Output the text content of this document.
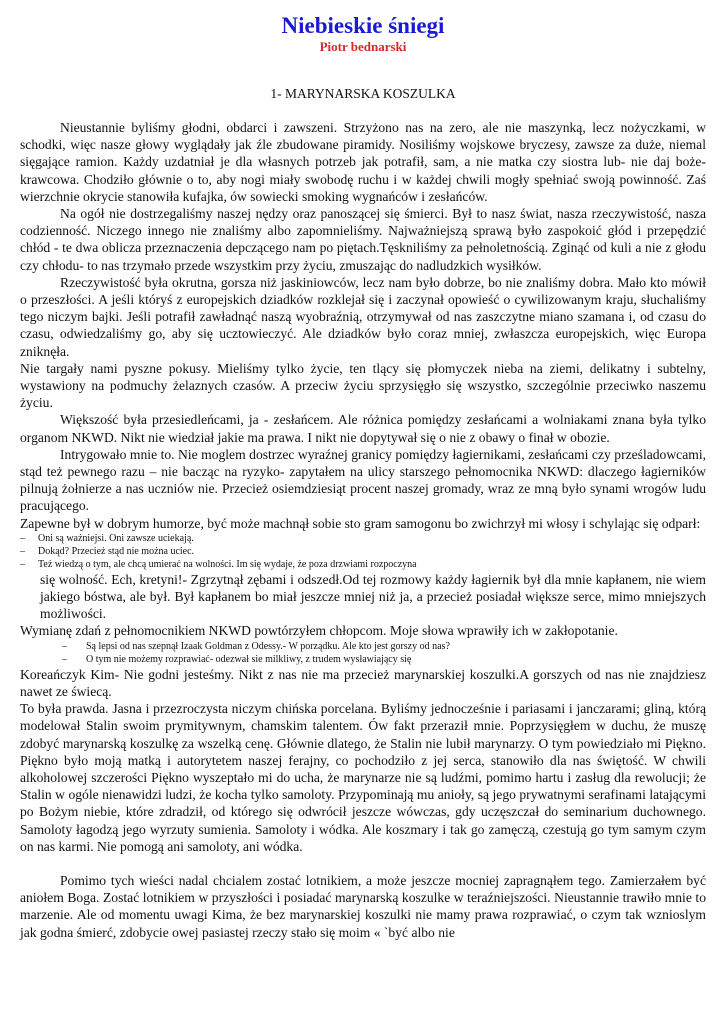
Niebieskie śniegi
Piotr bednarski
1- MARYNARSKA KOSZULKA

Nieustannie byliśmy głodni, obdarci i zawszeni. Strzyżono nas na zero, ale nie maszynką, lecz nożyczkami, w schodki, więc nasze głowy wyglądały jak źle zbudowane piramidy. Nosiliśmy wojskowe bryczesy, zawsze za duże, niemal sięgające ramion. Każdy uzdatniał je dla własnych potrzeb jak potrafił, sam, a nie matka czy siostra lub- nie daj boże- krawcowa. Chodziło głównie o to, aby nogi miały swobodę ruchu i w każdej chwili mogły spełniać swoją powinność. Zaś wierzchnie okrycie stanowiła kufajka, ów sowiecki smoking wygnańców i zesłańców.

Na ogół nie dostrzegaliśmy naszej nędzy oraz panoszącej się śmierci. Był to nasz świat, nasza rzeczywistość, nasza codzienność. Niczego innego nie znaliśmy albo zapomnieliśmy. Najważniejszą sprawą było zaspokoić głód i przepędzić chłód - te dwa oblicza przeznaczenia depczącego nam po piętach.Tęskniliśmy za pełnoletnością. Zginąć od kuli a nie z głodu czy chłodu- to nas trzymało przede wszystkim przy życiu, zmuszając do nadludzkich wysiłków.

Rzeczywistość była okrutna, gorsza niż jaskiniowców, lecz nam było dobrze, bo nie znaliśmy dobra. Mało kto mówił o przeszłości. A jeśli któryś z europejskich dziadków rozklejał się i zaczynał opowieść o cywilizowanym kraju, słuchaliśmy tego niczym bajki. Jeśli potrafił zawładnąć naszą wyobraźnią, otrzymywał od nas zaszczytne miano szamana i, od czasu do czasu, odwiedzaliśmy go, aby się ucztowieczyć. Ale dziadków było coraz mniej, zwłaszcza europejskich, więc Europa zniknęła.

Nie targały nami pyszne pokusy. Mieliśmy tylko życie, ten tlący się płomyczek nieba na ziemi, delikatny i subtelny, wystawiony na podmuchy żelaznych czasów. A przeciw życiu sprzysięgło się wszystko, szczególnie przeciwko naszemu życiu.

Większość była przesiedleńcami, ja - zesłańcem. Ale różnica pomiędzy zesłańcami a wolniakami znana była tylko organom NKWD. Nikt nie wiedział jakie ma prawa. I nikt nie dopytywał się o nie z obawy o finał w obozie.

Intrygowało mnie to. Nie moglem dostrzec wyraźnej granicy pomiędzy łagiernikami, zesłańcami czy prześladowcami, stąd też pewnego razu – nie bacząc na ryzyko- zapytałem na ulicy starszego pełnomocnika NKWD: dlaczego łagierników pilnują żołnierze a nas uczniów nie. Przecież osiemdziesiąt procent naszej gromady, wraz ze mną było synami wrogów ludu pracującego.

Zapewne był w dobrym humorze, być może machnął sobie sto gram samogonu bo zwichrzył mi włosy i schylając się odparł:

–	Oni są ważniejsi. Oni zawsze uciekają.
–	Dokąd? Przecież stąd nie można uciec.
–	Też wiedzą o tym, ale chcą umierać na wolności. Im się wydaje, że poza drzwiami rozpoczyna

się wolność. Ech, kretyni!- Zgrzytnął zębami i odszedł.Od tej rozmowy każdy łagiernik był dla mnie kapłanem, nie wiem jakiego bóstwa, ale był. Był kapłanem bo miał jeszcze mniej niż ja, a przecież posiadał większe serce, mimo mniejszych możliwości.

Wymianę zdań z pełnomocnikiem NKWD powtórzyłem chłopcom. Moje słowa wprawiły ich w zakłopotanie.

–	Są lepsi od nas szepnął Izaak Goldman z Odessy.- W porządku. Ale kto jest gorszy od nas?
–	O tym nie możemy rozprawiać- odezwał sie milkliwy, z trudem wysławiający się

Koreańczyk Kim- Nie godni jesteśmy. Nikt z nas nie ma przecież marynarskiej koszulki.A gorszych od nas nie znajdziesz nawet ze świecą.

To była prawda. Jasna i przezroczysta niczym chińska porcelana. Byliśmy jednocześnie i pariasami i janczarami; gliną, którą modelował Stalin swoim prymitywnym, chamskim talentem. Ów fakt przeraził mnie. Poprzysięgłem w duchu, że muszę zdobyć marynarską koszulkę za wszelką cenę. Głównie dlatego, że Stalin nie lubił marynarzy. O tym powiedziało mi Piękno. Piękno było moją matką i autorytetem naszej ferajny, co pochodziło z jej serca, stanowiło dla nas świętość. W chwili alkoholowej szczerości Piękno wyszeptało mi do ucha, że marynarze nie są ludźmi, pomimo hartu i zasług dla rewolucji; że Stalin w ogóle nienawidzi ludzi, że kocha tylko samoloty. Przypominają mu anioły, są jego prywatnymi serafinami latającymi po Bożym niebie, które zdradził, od którego się odwrócił jeszcze wówczas, gdy uczęszczał do seminarium duchownego. Samoloty łagodzą jego wyrzuty sumienia. Samoloty i wódka. Ale koszmary i tak go zamęczą, czestują go tym samym czym on nas karmi. Nie pomogą ani samoloty, ani wódka.

Pomimo tych wieści nadal chcialem zostać lotnikiem, a może jeszcze mocniej zapragnąłem tego. Zamierzałem być aniołem Boga. Zostać lotnikiem w przyszłości i posiadać marynarską koszulke w teraźniejszości. Nieustannie trawiło mnie to marzenie. Ale od momentu uwagi Kima, że bez marynarskiej koszulki nie mamy prawa rozprawiać, o czym tak wznioslym jak godna śmierć, zdobycie owej pasiastej rzeczy stało się moim « `być albo nie
